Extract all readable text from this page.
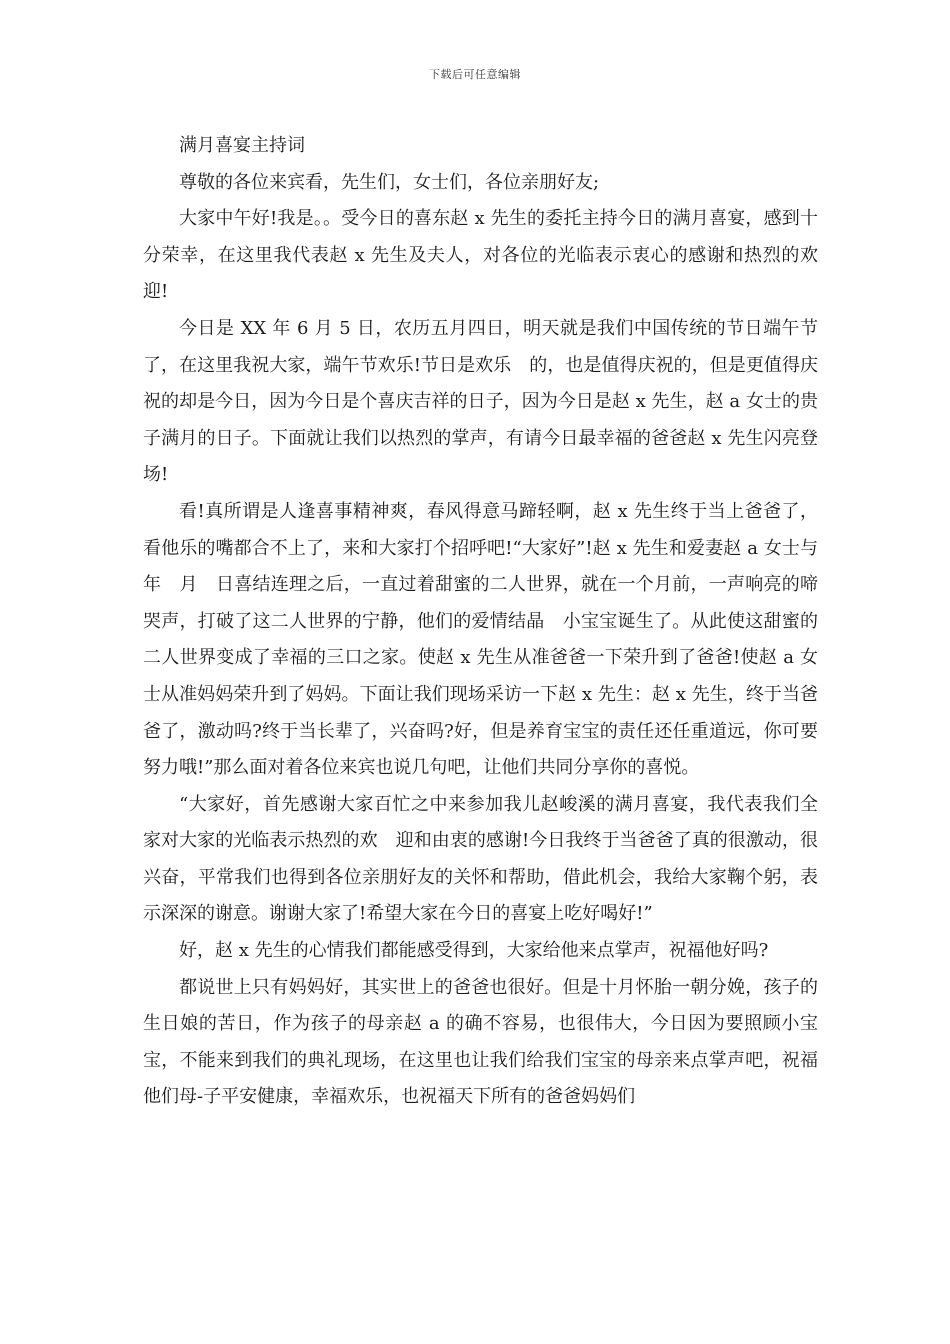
下载后可任意编辑

满月喜宴主持词

尊敬的各位来宾看，先生们，女士们，各位亲朋好友;

大家中午好!我是。。受今日的喜东赵 x 先生的委托主持今日的满月喜宴，感到十分荣幸，在这里我代表赵 x 先生及夫人，对各位的光临表示衷心的感谢和热烈的欢迎!

今日是 XX 年 6 月 5 日，农历五月四日，明天就是我们中国传统的节日端午节了，在这里我祝大家，端午节欢乐!节日是欢乐　的，也是值得庆祝的，但是更值得庆祝的却是今日，因为今日是个喜庆吉祥的日子，因为今日是赵 x 先生，赵 a 女士的贵子满月的日子。下面就让我们以热烈的掌声，有请今日最幸福的爸爸赵 x 先生闪亮登场!

看!真所谓是人逢喜事精神爽，春风得意马蹄轻啊，赵 x 先生终于当上爸爸了，看他乐的嘴都合不上了，来和大家打个招呼吧!“大家好”!赵 x 先生和爱妻赵 a 女士与　年　月　日喜结连理之后，一直过着甜蜜的二人世界，就在一个月前，一声响亮的啼哭声，打破了这二人世界的宁静，他们的爱情结晶　小宝宝诞生了。从此使这甜蜜的二人世界变成了幸福的三口之家。使赵 x 先生从准爸爸一下荣升到了爸爸!使赵 a 女士从准妈妈荣升到了妈妈。下面让我们现场采访一下赵 x 先生：赵 x 先生，终于当爸爸了，激动吗?终于当长辈了，兴奋吗?好，但是养育宝宝的责任还任重道远，你可要努力哦!”那么面对着各位来宾也说几句吧，让他们共同分享你的喜悦。

“大家好，首先感谢大家百忙之中来参加我儿赵峻溪的满月喜宴，我代表我们全家对大家的光临表示热烈的欢　迎和由衷的感谢!今日我终于当爸爸了真的很激动，很兴奋，平常我们也得到各位亲朋好友的关怀和帮助，借此机会，我给大家鞠个躬，表示深深的谢意。谢谢大家了!希望大家在今日的喜宴上吃好喝好!”

好，赵 x 先生的心情我们都能感受得到，大家给他来点掌声，祝福他好吗?

都说世上只有妈妈好，其实世上的爸爸也很好。但是十月怀胎一朝分娩，孩子的生日娘的苦日，作为孩子的母亲赵 a 的确不容易，也很伟大，今日因为要照顾小宝宝，不能来到我们的典礼现场，在这里也让我们给我们宝宝的母亲来点掌声吧，祝福他们母-子平安健康，幸福欢乐，也祝福天下所有的爸爸妈妈们
